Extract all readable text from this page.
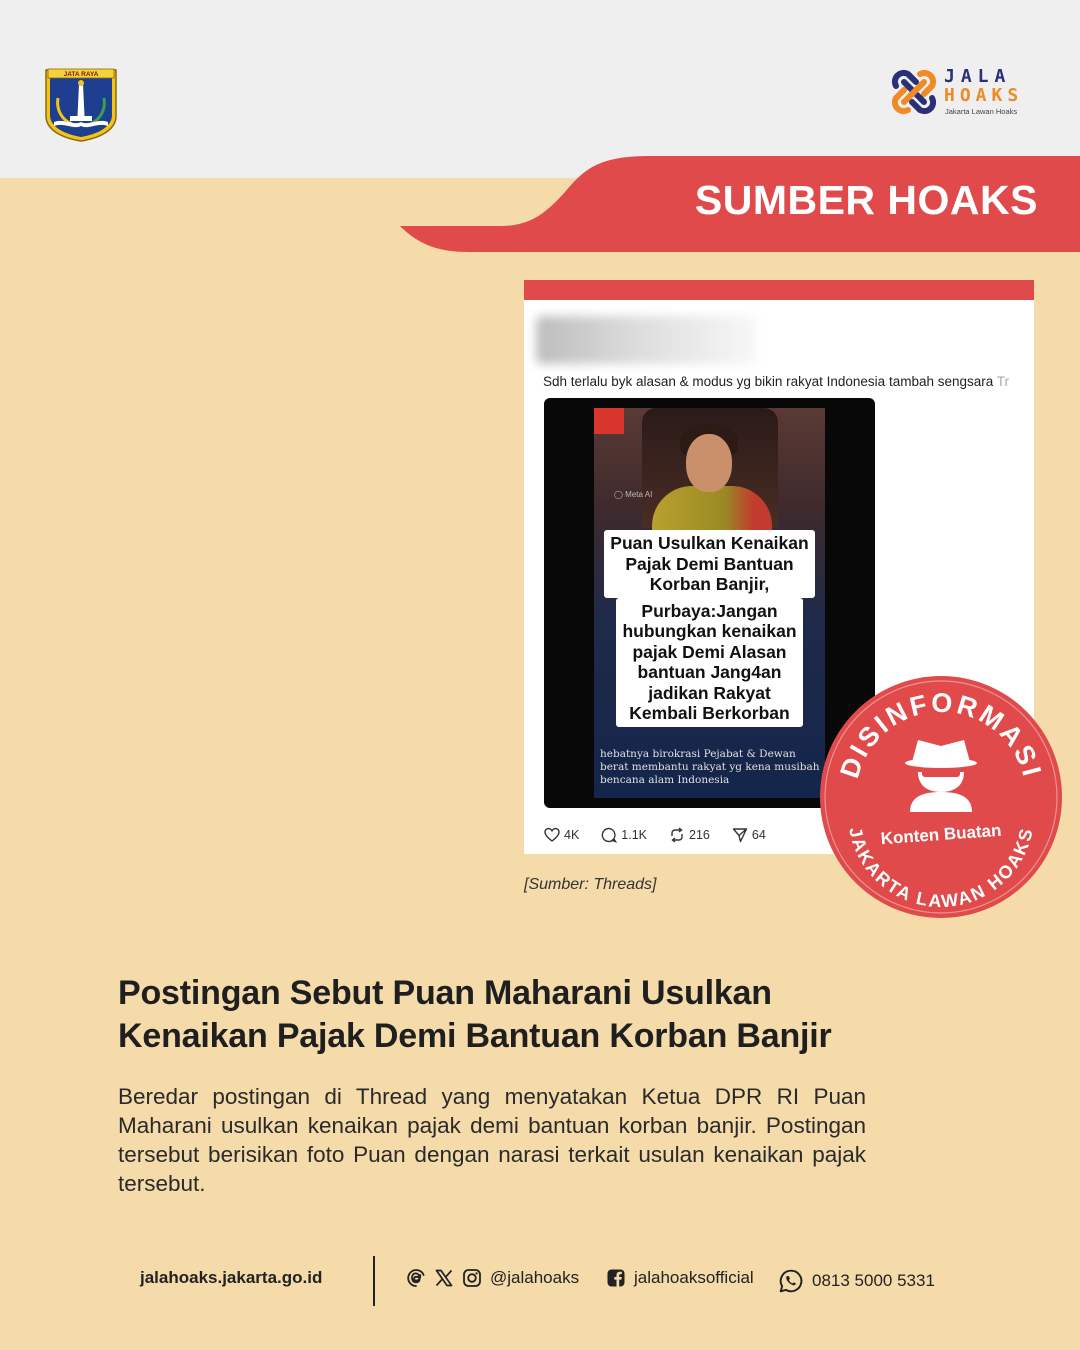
JATA RAYA	JALA
HOAKS
Jakarta Lawan Hoaks
SUMBER HOAKS
Sdh terlalu byk alasan & modus yg bikin rakyat Indonesia tambah sengsara Tr
◯ Meta AI
Puan Usulkan Kenaikan
Pajak Demi Bantuan
Korban Banjir,

Purbaya:Jangan
hubungkan kenaikan
pajak Demi Alasan
bantuan Jang4an
jadikan Rakyat
Kembali Berkorban
hebatnya birokrasi Pejabat & Dewan berat membantu rakyat yg kena musibah bencana alam Indonesia
4K	1.1K	216	64
[Sumber: Threads]
DISINFORMASI
JAKARTA LAWAN HOAKS
Konten Buatan
Postingan Sebut Puan Maharani Usulkan Kenaikan Pajak Demi Bantuan Korban Banjir
Beredar postingan di Thread yang menyatakan Ketua DPR RI Puan Maharani usulkan kenaikan pajak demi bantuan korban banjir. Postingan tersebut berisikan foto Puan dengan narasi terkait usulan kenaikan pajak tersebut.
jalahoaks.jakarta.go.id	@jalahoaks	jalahoaksofficial	0813 5000 5331
